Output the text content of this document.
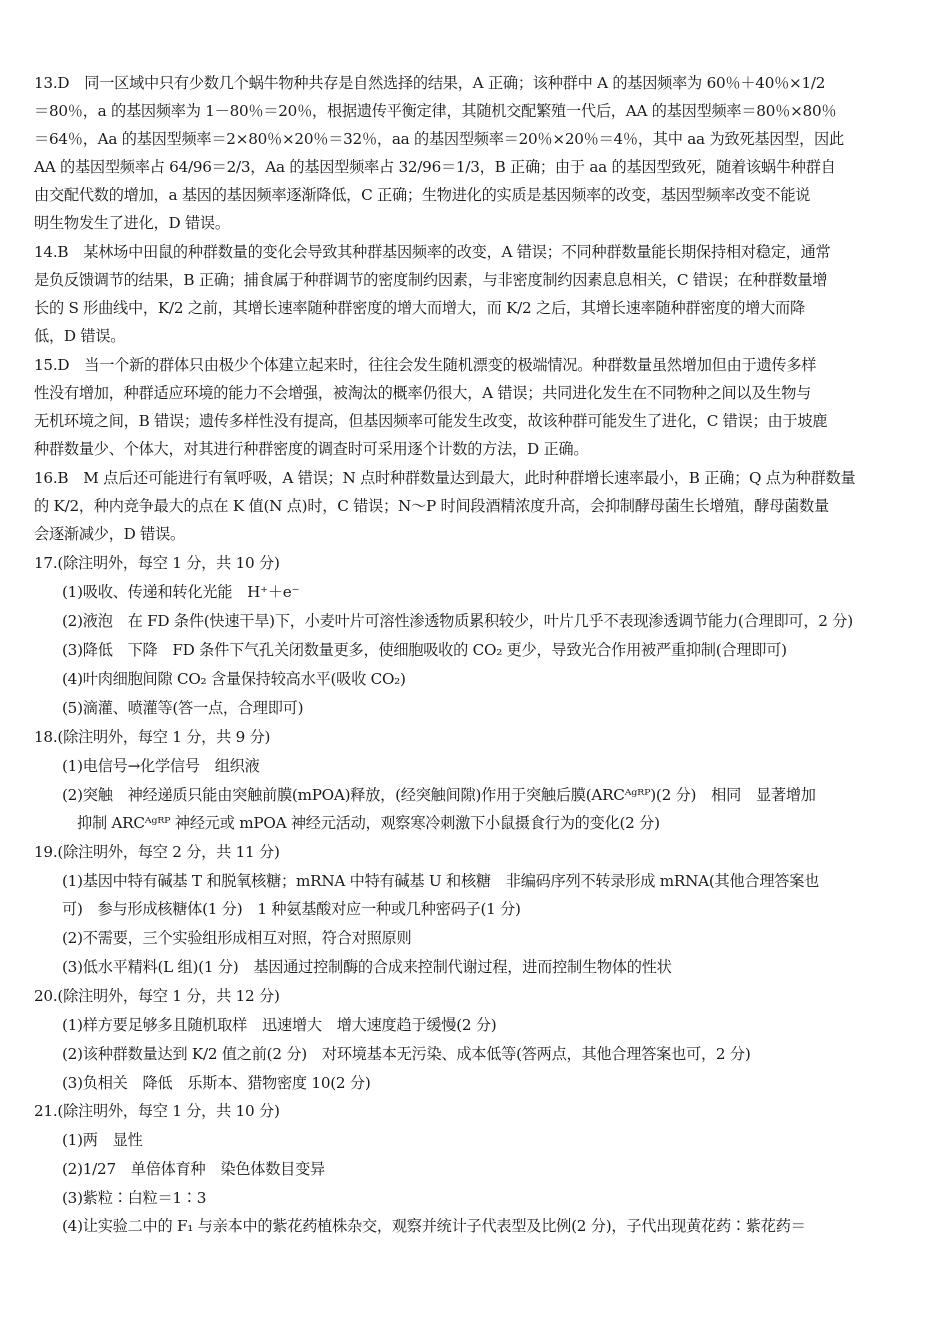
13.D　同一区域中只有少数几个蜗牛物种共存是自然选择的结果，A 正确；该种群中 A 的基因频率为 60％＋40％×1/2
＝80％，a 的基因频率为 1－80％＝20％，根据遗传平衡定律，其随机交配繁殖一代后，AA 的基因型频率＝80％×80％
＝64％，Aa 的基因型频率＝2×80％×20％＝32％，aa 的基因型频率＝20％×20％＝4％，其中 aa 为致死基因型，因此
AA 的基因型频率占 64/96＝2/3，Aa 的基因型频率占 32/96＝1/3，B 正确；由于 aa 的基因型致死，随着该蜗牛种群自
由交配代数的增加，a 基因的基因频率逐渐降低，C 正确；生物进化的实质是基因频率的改变，基因型频率改变不能说
明生物发生了进化，D 错误。
14.B　某林场中田鼠的种群数量的变化会导致其种群基因频率的改变，A 错误；不同种群数量能长期保持相对稳定，通常
是负反馈调节的结果，B 正确；捕食属于种群调节的密度制约因素，与非密度制约因素息息相关，C 错误；在种群数量增
长的 S 形曲线中，K/2 之前，其增长速率随种群密度的增大而增大，而 K/2 之后，其增长速率随种群密度的增大而降
低，D 错误。
15.D　当一个新的群体只由极少个体建立起来时，往往会发生随机漂变的极端情况。种群数量虽然增加但由于遗传多样
性没有增加，种群适应环境的能力不会增强，被淘汰的概率仍很大，A 错误；共同进化发生在不同物种之间以及生物与
无机环境之间，B 错误；遗传多样性没有提高，但基因频率可能发生改变，故该种群可能发生了进化，C 错误；由于坡鹿
种群数量少、个体大，对其进行种群密度的调查时可采用逐个计数的方法，D 正确。
16.B　M 点后还可能进行有氧呼吸，A 错误；N 点时种群数量达到最大，此时种群增长速率最小，B 正确；Q 点为种群数量
的 K/2，种内竞争最大的点在 K 值(N 点)时，C 错误；N～P 时间段酒精浓度升高，会抑制酵母菌生长增殖，酵母菌数量
会逐渐减少，D 错误。
17.(除注明外，每空 1 分，共 10 分)
(1)吸收、传递和转化光能　H⁺＋e⁻
(2)液泡　在 FD 条件(快速干旱)下，小麦叶片可溶性渗透物质累积较少，叶片几乎不表现渗透调节能力(合理即可，2 分)
(3)降低　下降　FD 条件下气孔关闭数量更多，使细胞吸收的 CO₂ 更少，导致光合作用被严重抑制(合理即可)
(4)叶肉细胞间隙 CO₂ 含量保持较高水平(吸收 CO₂)
(5)滴灌、喷灌等(答一点，合理即可)
18.(除注明外，每空 1 分，共 9 分)
(1)电信号→化学信号　组织液
(2)突触　神经递质只能由突触前膜(mPOA)释放，(经突触间隙)作用于突触后膜(ARCᴬᵍᴿᴾ)(2 分)　相同　显著增加
抑制 ARCᴬᵍᴿᴾ 神经元或 mPOA 神经元活动，观察寒冷刺激下小鼠摄食行为的变化(2 分)
19.(除注明外，每空 2 分，共 11 分)
(1)基因中特有碱基 T 和脱氧核糖；mRNA 中特有碱基 U 和核糖　非编码序列不转录形成 mRNA(其他合理答案也
可)　参与形成核糖体(1 分)　1 种氨基酸对应一种或几种密码子(1 分)
(2)不需要，三个实验组形成相互对照，符合对照原则
(3)低水平精料(L 组)(1 分)　基因通过控制酶的合成来控制代谢过程，进而控制生物体的性状
20.(除注明外，每空 1 分，共 12 分)
(1)样方要足够多且随机取样　迅速增大　增大速度趋于缓慢(2 分)
(2)该种群数量达到 K/2 值之前(2 分)　对环境基本无污染、成本低等(答两点，其他合理答案也可，2 分)
(3)负相关　降低　乐斯本、猎物密度 10(2 分)
21.(除注明外，每空 1 分，共 10 分)
(1)两　显性
(2)1/27　单倍体育种　染色体数目变异
(3)紫粒∶白粒＝1∶3
(4)让实验二中的 F₁ 与亲本中的紫花药植株杂交，观察并统计子代表型及比例(2 分)，子代出现黄花药∶紫花药＝
